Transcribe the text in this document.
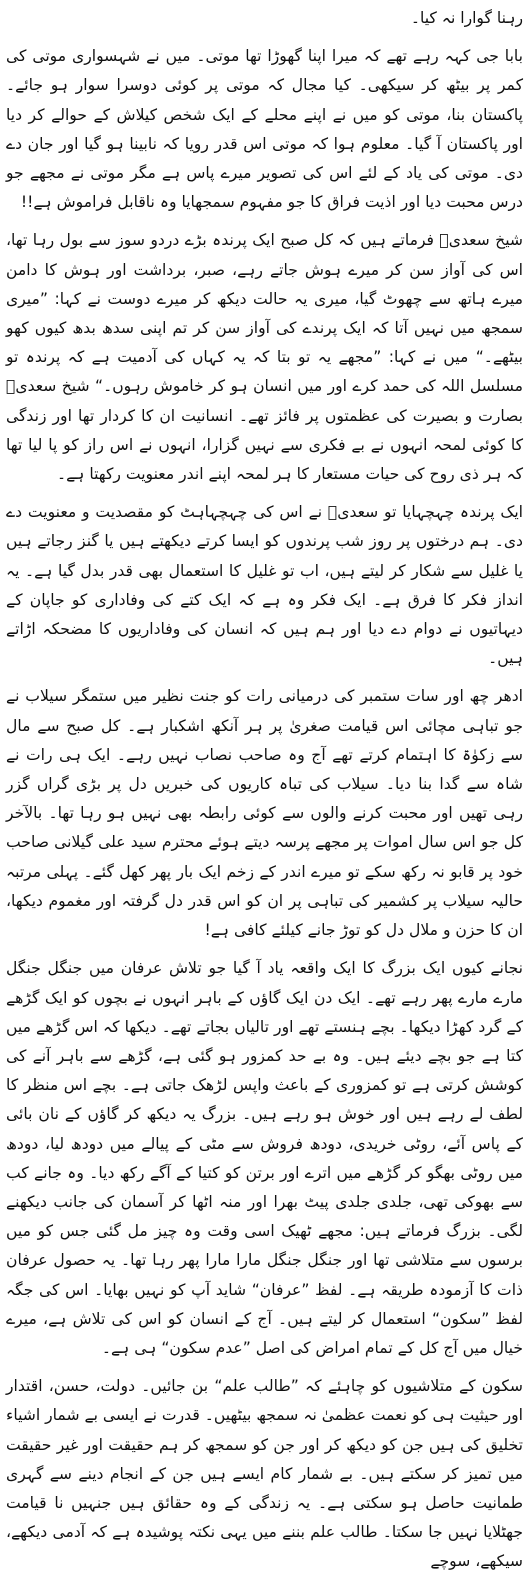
رہنا گوارا نہ کیا۔

بابا جی کہہ رہے تھے کہ میرا اپنا گھوڑا تھا موتی۔ میں نے شہسواری موتی کی کمر پر بیٹھ کر سیکھی۔ کیا مجال کہ موتی پر کوئی دوسرا سوار ہو جائے۔ پاکستان بنا، موتی کو میں نے اپنے محلے کے ایک شخص کیلاش کے حوالے کر دیا اور پاکستان آ گیا۔ معلوم ہوا کہ موتی اس قدر رویا کہ نابینا ہو گیا اور جان دے دی۔ موتی کی یاد کے لئے اس کی تصویر میرے پاس ہے مگر موتی نے مجھے جو درس محبت دیا اور اذیت فراق کا جو مفہوم سمجھایا وہ ناقابل فراموش ہے!!

شیخ سعدیؒ فرماتے ہیں کہ کل صبح ایک پرندہ بڑے دردو سوز سے بول رہا تھا، اس کی آواز سن کر میرے ہوش جاتے رہے، صبر، برداشت اور ہوش کا دامن میرے ہاتھ سے چھوٹ گیا، میری یہ حالت دیکھ کر میرے دوست نے کہا: ”میری سمجھ میں نہیں آتا کہ ایک پرندے کی آواز سن کر تم اپنی سدھ بدھ کیوں کھو بیٹھے۔“ میں نے کہا: ”مجھے یہ تو بتا کہ یہ کہاں کی آدمیت ہے کہ پرندہ تو مسلسل اللہ کی حمد کرے اور میں انسان ہو کر خاموش رہوں۔“ شیخ سعدیؒ بصارت و بصیرت کی عظمتوں پر فائز تھے۔ انسانیت ان کا کردار تھا اور زندگی کا کوئی لمحہ انہوں نے بے فکری سے نہیں گزارا، انہوں نے اس راز کو پا لیا تھا کہ ہر ذی روح کی حیات مستعار کا ہر لمحہ اپنے اندر معنویت رکھتا ہے۔

ایک پرندہ چہچہایا تو سعدیؒ نے اس کی چہچہاہٹ کو مقصدیت و معنویت دے دی۔ ہم درختوں پر روز شب پرندوں کو ایسا کرتے دیکھتے ہیں یا گنز رجاتے ہیں یا غلیل سے شکار کر لیتے ہیں، اب تو غلیل کا استعمال بھی قدر بدل گیا ہے۔ یہ انداز فکر کا فرق ہے۔ ایک فکر وہ ہے کہ ایک کتے کی وفاداری کو جاپان کے دیہاتیوں نے دوام دے دیا اور ہم ہیں کہ انسان کی وفاداریوں کا مضحکہ اڑاتے ہیں۔

ادھر چھ اور سات ستمبر کی درمیانی رات کو جنت نظیر میں ستمگر سیلاب نے جو تباہی مچائی اس قیامت صغریٰ پر ہر آنکھ اشکبار ہے۔ کل صبح سے مال سے زکوٰۃ کا اہتمام کرتے تھے آج وہ صاحب نصاب نہیں رہے۔ ایک ہی رات نے شاہ سے گدا بنا دیا۔ سیلاب کی تباہ کاریوں کی خبریں دل پر بڑی گراں گزر رہی تھیں اور محبت کرنے والوں سے کوئی رابطہ بھی نہیں ہو رہا تھا۔ بالآخر کل جو اس سال اموات پر مجھے پرسہ دیتے ہوئے محترم سید علی گیلانی صاحب خود پر قابو نہ رکھ سکے تو میرے اندر کے زخم ایک بار پھر کھل گئے۔ پہلی مرتبہ حالیہ سیلاب پر کشمیر کی تباہی پر ان کو اس قدر دل گرفتہ اور مغموم دیکھا، ان کا حزن و ملال دل کو توڑ جانے کیلئے کافی ہے!

نجانے کیوں ایک بزرگ کا ایک واقعہ یاد آ گیا جو تلاش عرفان میں جنگل جنگل مارے مارے پھر رہے تھے۔ ایک دن ایک گاؤں کے باہر انہوں نے بچوں کو ایک گڑھے کے گرد کھڑا دیکھا۔ بچے ہنستے تھے اور تالیاں بجاتے تھے۔ دیکھا کہ اس گڑھے میں کتا ہے جو بچے دیئے ہیں۔ وہ بے حد کمزور ہو گئی ہے، گڑھے سے باہر آنے کی کوشش کرتی ہے تو کمزوری کے باعث واپس لڑھک جاتی ہے۔ بچے اس منظر کا لطف لے رہے ہیں اور خوش ہو رہے ہیں۔ بزرگ یہ دیکھ کر گاؤں کے نان بائی کے پاس آئے، روٹی خریدی، دودھ فروش سے مٹی کے پیالے میں دودھ لیا، دودھ میں روٹی بھگو کر گڑھے میں اترے اور برتن کو کتیا کے آگے رکھ دیا۔ وہ جانے کب سے بھوکی تھی، جلدی جلدی پیٹ بھرا اور منہ اٹھا کر آسمان کی جانب دیکھنے لگی۔ بزرگ فرماتے ہیں: مجھے ٹھیک اسی وقت وہ چیز مل گئی جس کو میں برسوں سے متلاشی تھا اور جنگل جنگل مارا مارا پھر رہا تھا۔ یہ حصول عرفان ذات کا آزمودہ طریقہ ہے۔ لفظ ”عرفان“ شاید آپ کو نہیں بھایا۔ اس کی جگہ لفظ ”سکون“ استعمال کر لیتے ہیں۔ آج کے انسان کو اس کی تلاش ہے، میرے خیال میں آج کل کے تمام امراض کی اصل ”عدم سکون“ ہی ہے۔

سکون کے متلاشیوں کو چاہئے کہ ”طالب علم“ بن جائیں۔ دولت، حسن، اقتدار اور حیثیت ہی کو نعمت عظمیٰ نہ سمجھ بیٹھیں۔ قدرت نے ایسی بے شمار اشیاء تخلیق کی ہیں جن کو دیکھ کر اور جن کو سمجھ کر ہم حقیقت اور غیر حقیقت میں تمیز کر سکتے ہیں۔ بے شمار کام ایسے ہیں جن کے انجام دینے سے گہری طمانیت حاصل ہو سکتی ہے۔ یہ زندگی کے وہ حقائق ہیں جنہیں نا قیامت جھٹلایا نہیں جا سکتا۔ طالب علم بننے میں یہی نکتہ پوشیدہ ہے کہ آدمی دیکھے، سیکھے، سوچے
